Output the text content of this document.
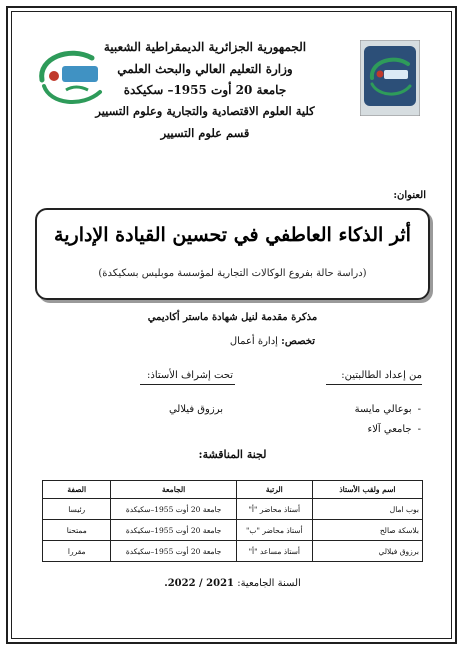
الجمهورية الجزائرية الديمقراطية الشعبية
وزارة التعليم العالي والبحث العلمي
جامعة 20 أوت 1955– سكيكدة
كلية العلوم الاقتصادية والتجارية وعلوم التسيير
قسم علوم التسيير
العنوان:
أثر الذكاء العاطفي في تحسين القيادة الإدارية
(دراسة حالة بفروع الوكالات التجارية لمؤسسة موبليس بسكيكدة)
مذكرة مقدمة لنيل شهادة ماستر أكاديمي
تخصص: إدارة أعمال
من إعداد الطالبتين:
تحت إشراف الأستاذ:
-بوعالي مايسة
-جامعي آلاء
برزوق فيلالي
لجنة المناقشة:
اسم ولقب الأستاذ	الرتبة	الجامعة	الصفة
بوب امال	أستاذ محاضر "أ"	جامعة 20 أوت 1955–سكيكدة	رئيسا
بلاسكة صالح	أستاذ محاضر "ب"	جامعة 20 أوت 1955–سكيكدة	ممتحنا
برزوق فيلالي	أستاذ مساعد "أ"	جامعة 20 أوت 1955–سكيكدة	مقررا
السنة الجامعية: 2021 / 2022.
